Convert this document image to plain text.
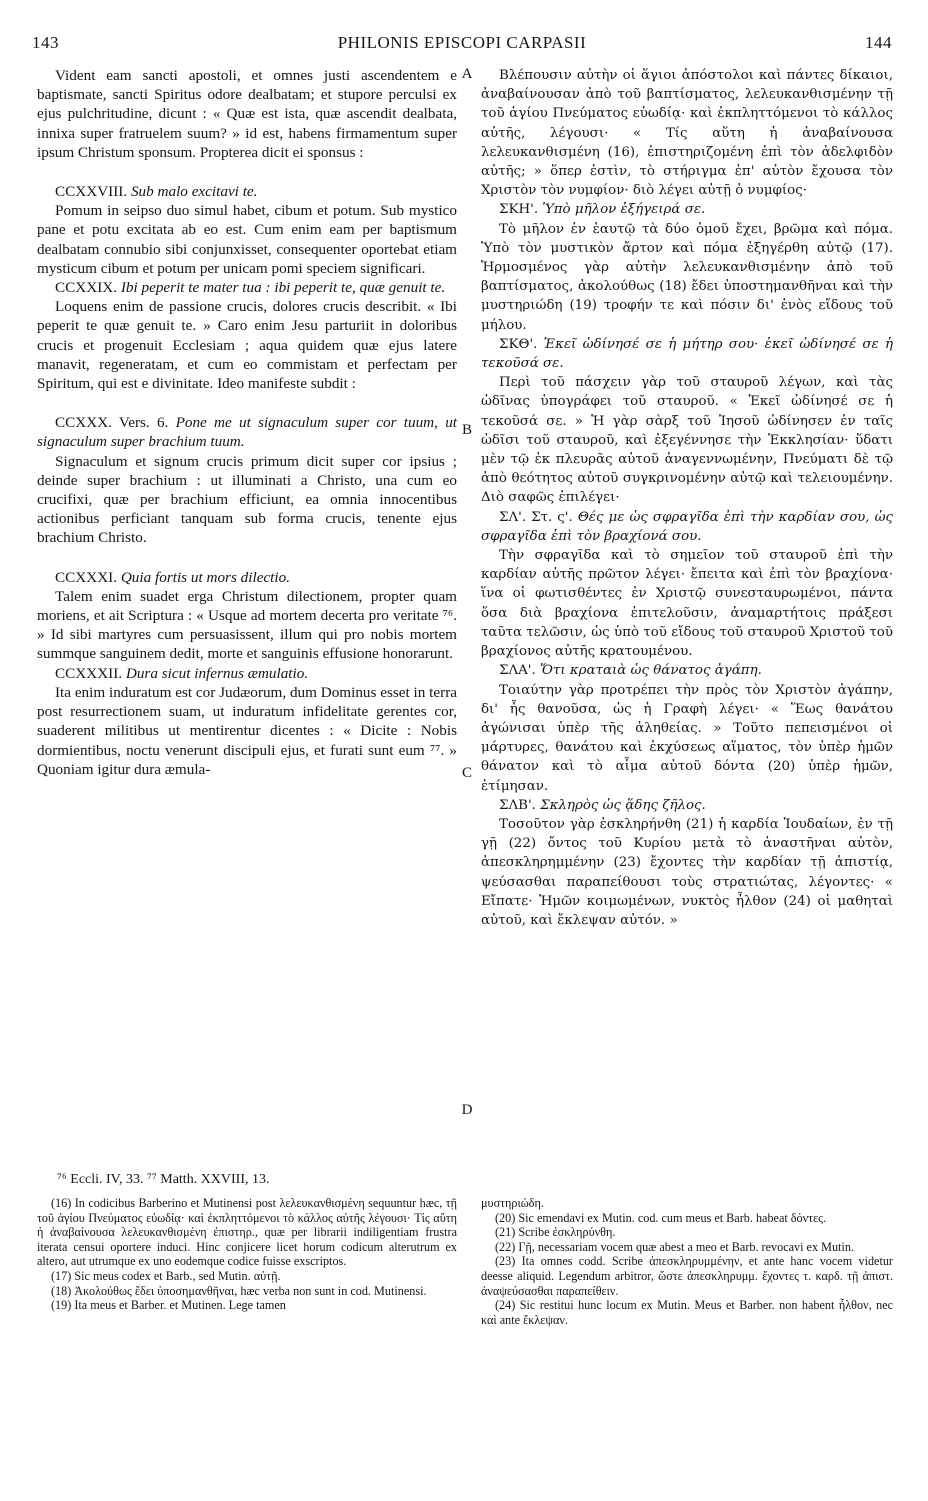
143	PHILONIS EPISCOPI CARPASII	144
A
B
C
D

Vident eam sancti apostoli, et omnes justi ascendentem e baptismate, sancti Spiritus odore dealbatam; et stupore perculsi ex ejus pulchritudine, dicunt : « Quæ est ista, quæ ascendit dealbata, innixa super fratruelem suum? » id est, habens firmamentum super ipsum Christum sponsum. Propterea dicit ei sponsus :

CCXXVIII. Sub malo excitavi te.

Pomum in seipso duo simul habet, cibum et potum. Sub mystico pane et potu excitata ab eo est. Cum enim eam per baptismum dealbatam connubio sibi conjunxisset, consequenter oportebat etiam mysticum cibum et potum per unicam pomi speciem significari.

CCXXIX. Ibi peperit te mater tua : ibi peperit te, quæ genuit te.

Loquens enim de passione crucis, dolores crucis describit. « Ibi peperit te quæ genuit te. » Caro enim Jesu parturiit in doloribus crucis et progenuit Ecclesiam ; aqua quidem quæ ejus latere manavit, regeneratam, et cum eo commistam et perfectam per Spiritum, qui est e divinitate. Ideo manifeste subdit :

CCXXX. Vers. 6. Pone me ut signaculum super cor tuum, ut signaculum super brachium tuum.

Signaculum et signum crucis primum dicit super cor ipsius ; deinde super brachium : ut illuminati a Christo, una cum eo crucifixi, quæ per brachium efficiunt, ea omnia innocentibus actionibus perficiant tanquam sub forma crucis, tenente ejus brachium Christo.

CCXXXI. Quia fortis ut mors dilectio.

Talem enim suadet erga Christum dilectionem, propter quam moriens, et ait Scriptura : « Usque ad mortem decerta pro veritate ⁷⁶. » Id sibi martyres cum persuasissent, illum qui pro nobis mortem summque sanguinem dedit, morte et sanguinis effusione honorarunt.

CCXXXII. Dura sicut infernus æmulatio.

Ita enim induratum est cor Judæorum, dum Dominus esset in terra post resurrectionem suam, ut induratum infidelitate gerentes cor, suaderent militibus ut mentirentur dicentes : « Dicite : Nobis dormientibus, noctu venerunt discipuli ejus, et furati sunt eum ⁷⁷. » Quoniam igitur dura æmula-

Βλέπουσιν αὐτὴν οἱ ἅγιοι ἀπόστολοι καὶ πάντες δίκαιοι, ἀναβαίνουσαν ἀπὸ τοῦ βαπτίσματος, λελευκανθισμένην τῇ τοῦ ἁγίου Πνεύματος εὐωδίᾳ· καὶ ἐκπληττόμενοι τὸ κάλλος αὐτῆς, λέγουσι· « Τίς αὕτη ἡ ἀναβαίνουσα λελευκανθισμένη (16), ἐπιστηριζομένη ἐπὶ τὸν ἀδελφιδὸν αὐτῆς; » ὅπερ ἐστὶν, τὸ στήριγμα ἐπ' αὐτὸν ἔχουσα τὸν Χριστὸν τὸν νυμφίον· διὸ λέγει αὐτῇ ὁ νυμφίος·

ΣΚΗ'. Ὑπὸ μῆλον ἐξήγειρά σε.

Τὸ μῆλον ἐν ἑαυτῷ τὰ δύο ὁμοῦ ἔχει, βρῶμα καὶ πόμα. Ὑπὸ τὸν μυστικὸν ἄρτον καὶ πόμα ἐξηγέρθη αὐτῷ (17). Ἡρμοσμένος γὰρ αὐτὴν λελευκανθισμένην ἀπὸ τοῦ βαπτίσματος, ἀκολούθως (18) ἔδει ὑποστημανθῆναι καὶ τὴν μυστηριώδη (19) τροφήν τε καὶ πόσιν δι' ἑνὸς εἴδους τοῦ μήλου.

ΣΚΘ'. Ἐκεῖ ὠδίνησέ σε ἡ μήτηρ σου· ἐκεῖ ὠδίνησέ σε ἡ τεκοῦσά σε.

Περὶ τοῦ πάσχειν γὰρ τοῦ σταυροῦ λέγων, καὶ τὰς ὠδῖνας ὑπογράφει τοῦ σταυροῦ. « Ἐκεῖ ὠδίνησέ σε ἡ τεκοῦσά σε. » Ἡ γὰρ σὰρξ τοῦ Ἰησοῦ ὠδίνησεν ἐν ταῖς ὠδῖσι τοῦ σταυροῦ, καὶ ἐξεγέννησε τὴν Ἐκκλησίαν· ὕδατι μὲν τῷ ἐκ πλευρᾶς αὐτοῦ ἀναγεννωμένην, Πνεύματι δὲ τῷ ἀπὸ θεότητος αὐτοῦ συγκρινομένην αὐτῷ καὶ τελειουμένην. Διὸ σαφῶς ἐπιλέγει·

ΣΛ'. Στ. ς'. Θές με ὡς σφραγῖδα ἐπὶ τὴν καρδίαν σου, ὡς σφραγῖδα ἐπὶ τὸν βραχίονά σου.

Τὴν σφραγῖδα καὶ τὸ σημεῖον τοῦ σταυροῦ ἐπὶ τὴν καρδίαν αὐτῆς πρῶτον λέγει· ἔπειτα καὶ ἐπὶ τὸν βραχίονα· ἵνα οἱ φωτισθέντες ἐν Χριστῷ συνεσταυρωμένοι, πάντα ὅσα διὰ βραχίονα ἐπιτελοῦσιν, ἀναμαρτήτοις πράξεσι ταῦτα τελῶσιν, ὡς ὑπὸ τοῦ εἴδους τοῦ σταυροῦ Χριστοῦ τοῦ βραχίονος αὐτῆς κρατουμένου.

ΣΛΑ'. Ὅτι κραταιὰ ὡς θάνατος ἀγάπη.

Τοιαύτην γὰρ προτρέπει τὴν πρὸς τὸν Χριστὸν ἀγάπην, δι' ἧς θανοῦσα, ὡς ἡ Γραφὴ λέγει· « Ἕως θανάτου ἀγώνισαι ὑπὲρ τῆς ἀληθείας. » Τοῦτο πεπεισμένοι οἱ μάρτυρες, θανάτου καὶ ἐκχύσεως αἵματος, τὸν ὑπὲρ ἡμῶν θάνατον καὶ τὸ αἷμα αὐτοῦ δόντα (20) ὑπὲρ ἡμῶν, ἐτίμησαν.

ΣΛΒ'. Σκληρὸς ὡς ᾅδης ζῆλος.

Τοσοῦτον γὰρ ἐσκληρήνθη (21) ἡ καρδία Ἰουδαίων, ἐν τῇ γῇ (22) ὄντος τοῦ Κυρίου μετὰ τὸ ἀναστῆναι αὐτὸν, ἀπεσκληρημμένην (23) ἔχοντες τὴν καρδίαν τῇ ἀπιστίᾳ, ψεύσασθαι παραπείθουσι τοὺς στρατιώτας, λέγοντες· « Εἴπατε· Ἡμῶν κοιμωμένων, νυκτὸς ἦλθον (24) οἱ μαθηταὶ αὐτοῦ, καὶ ἔκλεψαν αὐτόν. »

⁷⁶ Eccli. IV, 33. ⁷⁷ Matth. XXVIII, 13.

(16) In codicibus Barberino et Mutinensi post λελευκανθισμένη sequuntur hæc, τῇ τοῦ ἁγίου Πνεύματος εὐωδίᾳ· καὶ ἐκπληττόμενοι τὸ κάλλος αὐτῆς λέγουσι· Τίς αὕτη ἡ ἀναβαίνουσα λελευκανθισμένη ἐπιστηρ., quæ per librarii indiligentiam frustra iterata censui oportere induci. Hinc conjicere licet horum codicum alterutrum ex altero, aut utrumque ex uno eodemque codice fuisse exscriptos.

(17) Sic meus codex et Barb., sed Mutin. αὐτῇ.

(18) Ἀκολούθως ἔδει ὑποσημανθῆναι, hæc verba non sunt in cod. Mutinensi.

(19) Ita meus et Barber. et Mutinen. Lege tamen

μυστηριώδη.

(20) Sic emendavi ex Mutin. cod. cum meus et Barb. habeat δόντες.

(21) Scribe ἐσκληρύνθη.

(22) Γῇ, necessariam vocem quæ abest a meo et Barb. revocavi ex Mutin.

(23) Ita omnes codd. Scribe ἀπεσκληρυμμένην, et ante hanc vocem videtur deesse aliquid. Legendum arbitror, ὥστε ἀπεσκληρυμμ. ἔχοντες τ. καρδ. τῇ ἀπιστ. ἀναψεύσασθαι παραπείθειν.

(24) Sic restitui hunc locum ex Mutin. Meus et Barber. non habent ἦλθον, nec καὶ ante ἔκλεψαν.
